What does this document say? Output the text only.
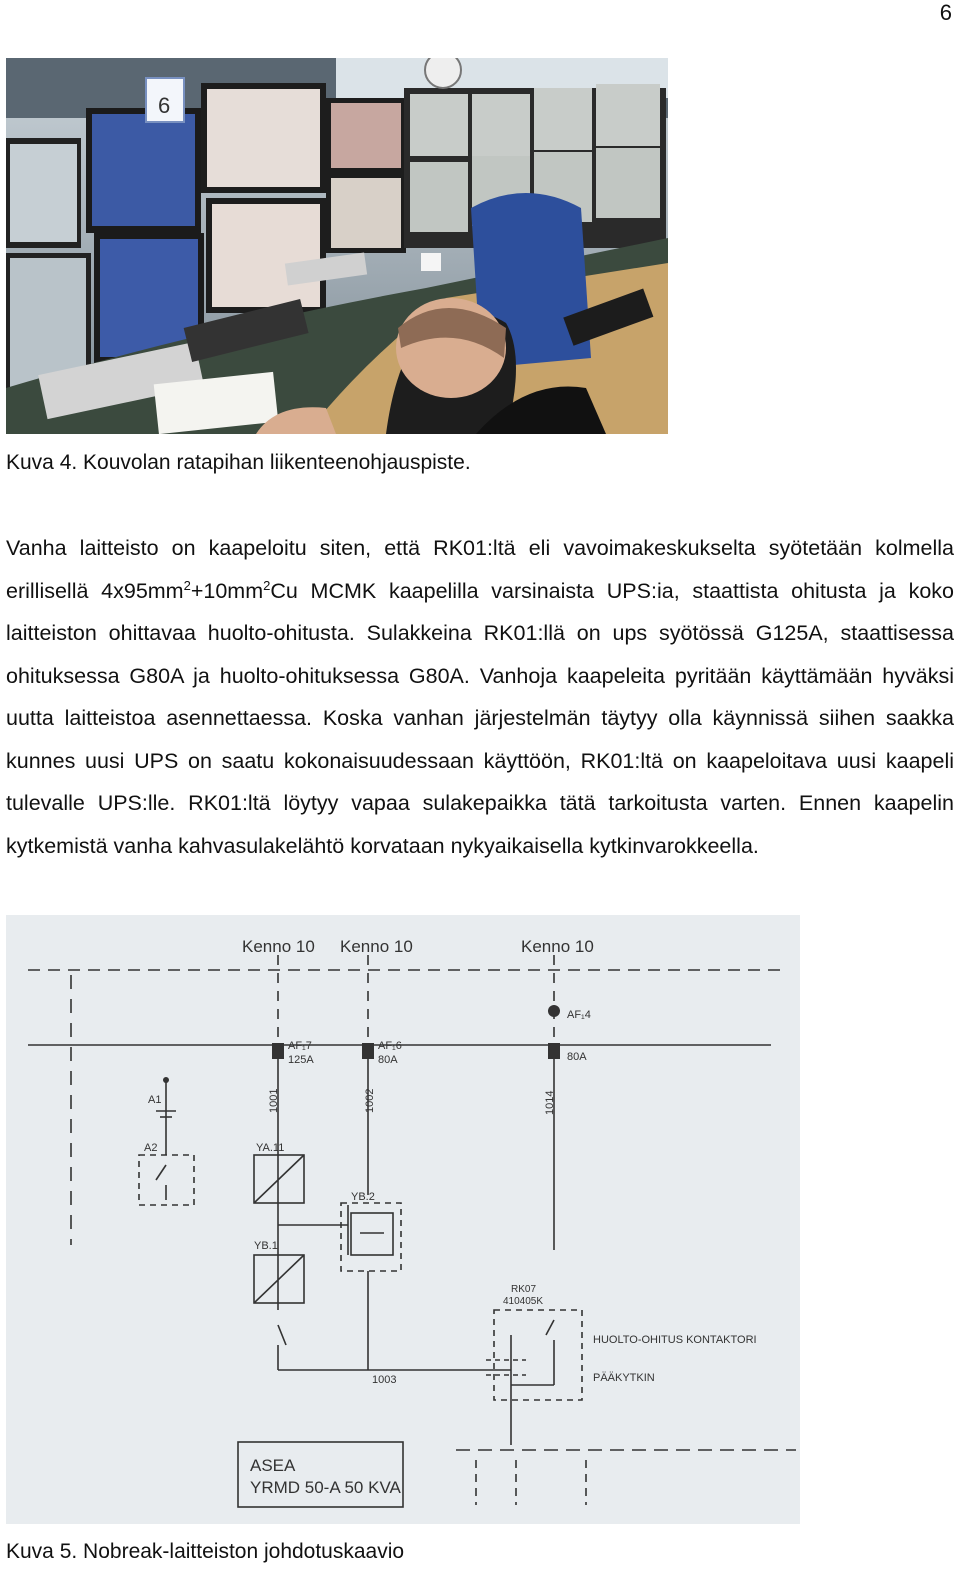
6
6
Kuva 4. Kouvolan ratapihan liikenteenohjauspiste.

Vanha laitteisto on kaapeloitu siten, että RK01:ltä eli vavoimakeskukselta syötetään kolmella erillisellä $4x95mm^2+10mm^2Cu$ MCMK kaapelilla varsinaista UPS:ia, staattista ohitusta ja koko laitteiston ohittavaa huolto-ohitusta. Sulakkeina RK01:llä on ups syötössä G125A, staattisessa ohituksessa G80A ja huolto-ohituksessa G80A. Vanhoja kaapeleita pyritään käyttämään hyväksi uutta laitteistoa asennettaessa. Koska vanhan järjestelmän täytyy olla käynnissä siihen saakka kunnes uusi UPS on saatu kokonaisuudessaan käyttöön, RK01:ltä on kaapeloitava uusi kaapeli tulevalle UPS:lle. RK01:ltä löytyy vapaa sulakepaikka tätä tarkoitusta varten. Ennen kaapelin kytkemistä vanha kahvasulakelähtö korvataan nykyaikaisella kytkinvarokkeella.

Kenno 10 Kenno 10	Kenno 10
AF₁7
125A
AF₁6
80A
AF₁4
80A
A1
A2
1001	1002	1014
YA.11
YB.2
YB.1
RK07
410405K
HUOLTO-OHITUS KONTAKTORI
PÄÄKYTKIN
1003
ASEA
YRMD 50-A 50 KVA
Kuva 5. Nobreak-laitteiston johdotuskaavio
